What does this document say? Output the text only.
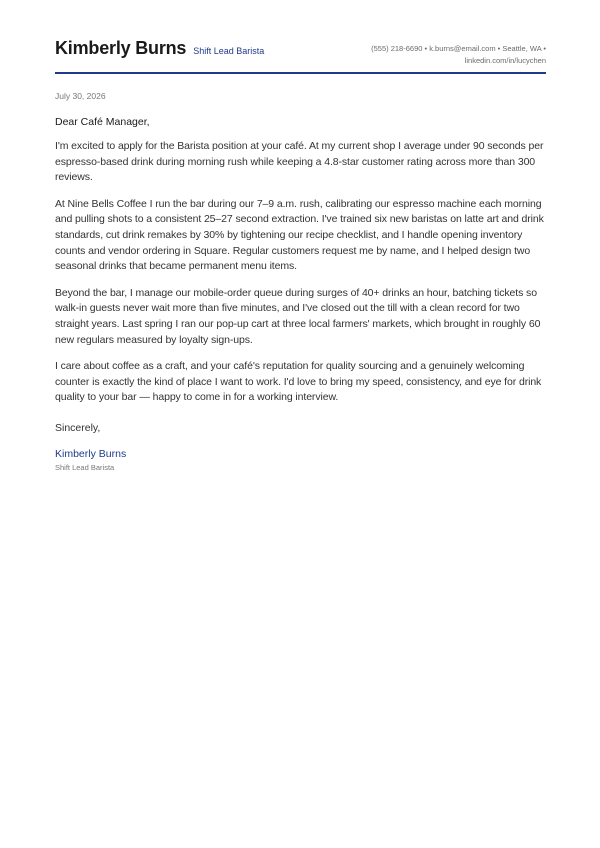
Kimberly Burns Shift Lead Barista	(555) 218-6690 • k.burns@email.com • Seattle, WA •
linkedin.com/in/lucychen
July 30, 2026
Dear Café Manager,

I'm excited to apply for the Barista position at your café. At my current shop I average under 90 seconds per espresso-based drink during morning rush while keeping a 4.8-star customer rating across more than 300 reviews.

At Nine Bells Coffee I run the bar during our 7–9 a.m. rush, calibrating our espresso machine each morning and pulling shots to a consistent 25–27 second extraction. I've trained six new baristas on latte art and drink standards, cut drink remakes by 30% by tightening our recipe checklist, and I handle opening inventory counts and vendor ordering in Square. Regular customers request me by name, and I helped design two seasonal drinks that became permanent menu items.

Beyond the bar, I manage our mobile-order queue during surges of 40+ drinks an hour, batching tickets so walk-in guests never wait more than five minutes, and I've closed out the till with a clean record for two straight years. Last spring I ran our pop-up cart at three local farmers' markets, which brought in roughly 60 new regulars measured by loyalty sign-ups.

I care about coffee as a craft, and your café's reputation for quality sourcing and a genuinely welcoming counter is exactly the kind of place I want to work. I'd love to bring my speed, consistency, and eye for drink quality to your bar — happy to come in for a working interview.

Sincerely,
Kimberly Burns
Shift Lead Barista
